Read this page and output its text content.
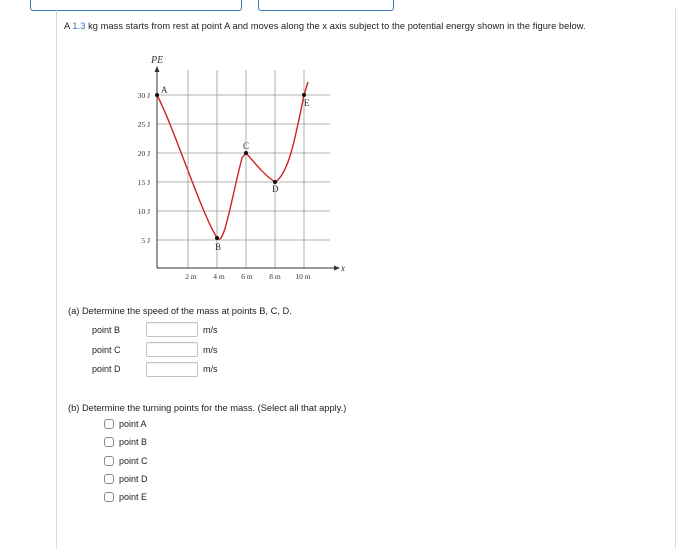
A 1.3 kg mass starts from rest at point A and moves along the x axis subject to the potential energy shown in the figure below.
PE
x
30 J
25 J
20 J
15 J
10 J
5 J
2 m 4 m 6 m 8 m 10 m
A
B
C
D
E
(a) Determine the speed of the mass at points B, C, D.
point B	m/s
point C	m/s
point D	m/s
(b) Determine the turning points for the mass. (Select all that apply.)
point A
point B
point C
point D
point E
